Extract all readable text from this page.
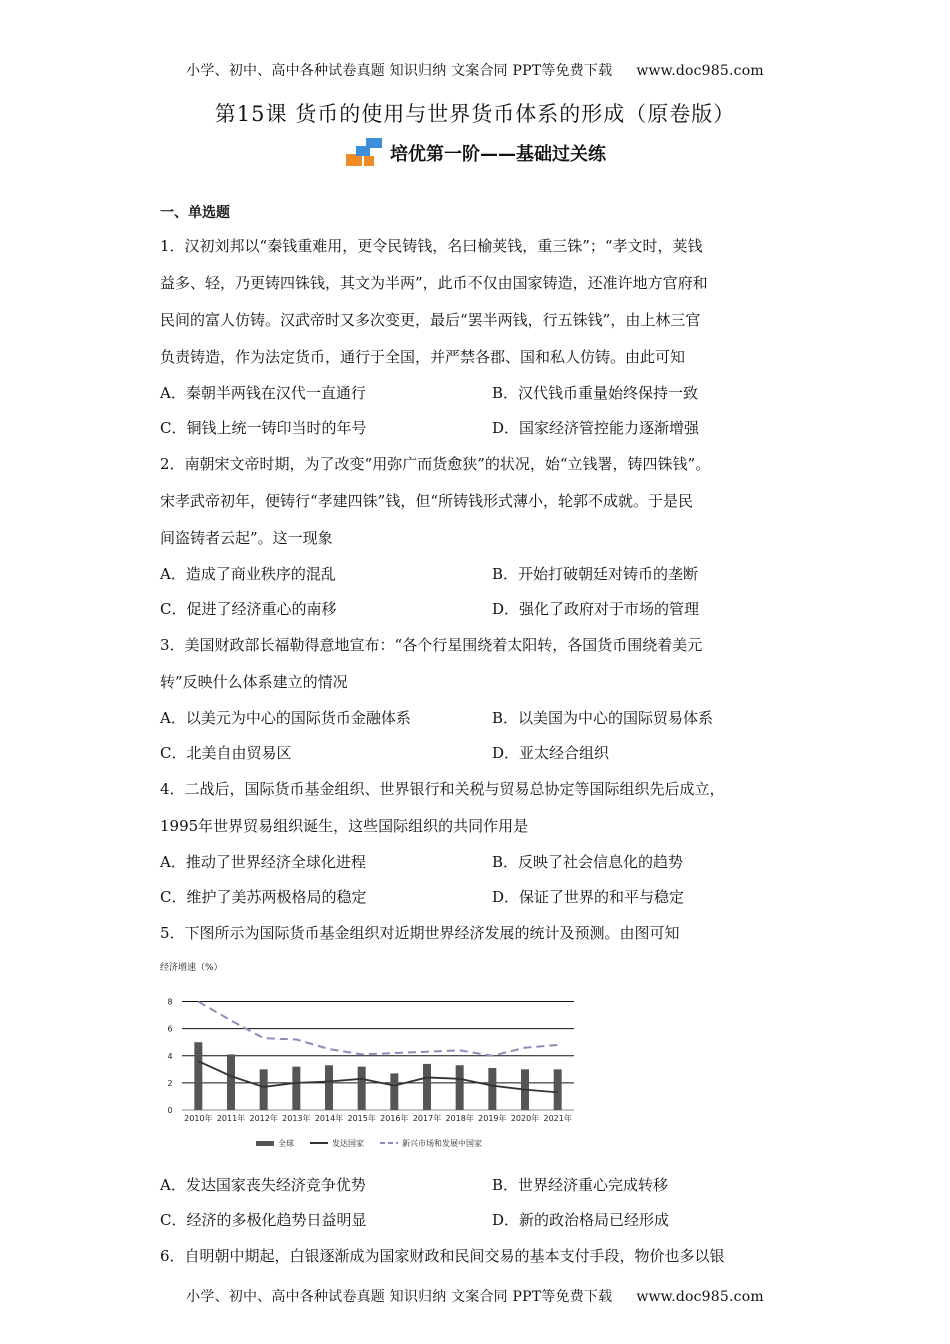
小学、初中、高中各种试卷真题 知识归纳 文案合同 PPT等免费下载 www.doc985.com
第15课 货币的使用与世界货币体系的形成（原卷版）
培优第一阶——基础过关练
一、单选题

1．汉初刘邦以“秦钱重难用，更令民铸钱，名曰榆荚钱，重三铢”；“孝文时，荚钱

益多、轻，乃更铸四铢钱，其文为半两”，此币不仅由国家铸造，还准许地方官府和

民间的富人仿铸。汉武帝时又多次变更，最后“罢半两钱，行五铢钱”，由上林三官

负责铸造，作为法定货币，通行于全国，并严禁各郡、国和私人仿铸。由此可知

A．秦朝半两钱在汉代一直通行	B．汉代钱币重量始终保持一致
C．铜钱上统一铸印当时的年号	D．国家经济管控能力逐渐增强

2．南朝宋文帝时期，为了改变“用弥广而货愈狭”的状况，始“立钱署，铸四铢钱”。

宋孝武帝初年，便铸行“孝建四铢”钱，但“所铸钱形式薄小，轮郭不成就。于是民

间盗铸者云起”。这一现象

A．造成了商业秩序的混乱	B．开始打破朝廷对铸币的垄断
C．促进了经济重心的南移	D．强化了政府对于市场的管理

3．美国财政部长福勒得意地宣布：“各个行星围绕着太阳转，各国货币围绕着美元

转”反映什么体系建立的情况

A．以美元为中心的国际货币金融体系	B．以美国为中心的国际贸易体系
C．北美自由贸易区	D．亚太经合组织

4．二战后，国际货币基金组织、世界银行和关税与贸易总协定等国际组织先后成立，

1995年世界贸易组织诞生，这些国际组织的共同作用是

A．推动了世界经济全球化进程	B．反映了社会信息化的趋势
C．维护了美苏两极格局的稳定	D．保证了世界的和平与稳定

5．下图所示为国际货币基金组织对近期世界经济发展的统计及预测。由图可知

经济增速（%）
0
2
4
6
8
2010年 2011年 2012年 2013年 2014年 2015年 2016年 2017年 2018年 2019年 2020年 2021年
全球	发达国家	新兴市场和发展中国家
A．发达国家丧失经济竞争优势	B．世界经济重心完成转移
C．经济的多极化趋势日益明显	D．新的政治格局已经形成

6．自明朝中期起，白银逐渐成为国家财政和民间交易的基本支付手段，物价也多以银

小学、初中、高中各种试卷真题 知识归纳 文案合同 PPT等免费下载 www.doc985.com
